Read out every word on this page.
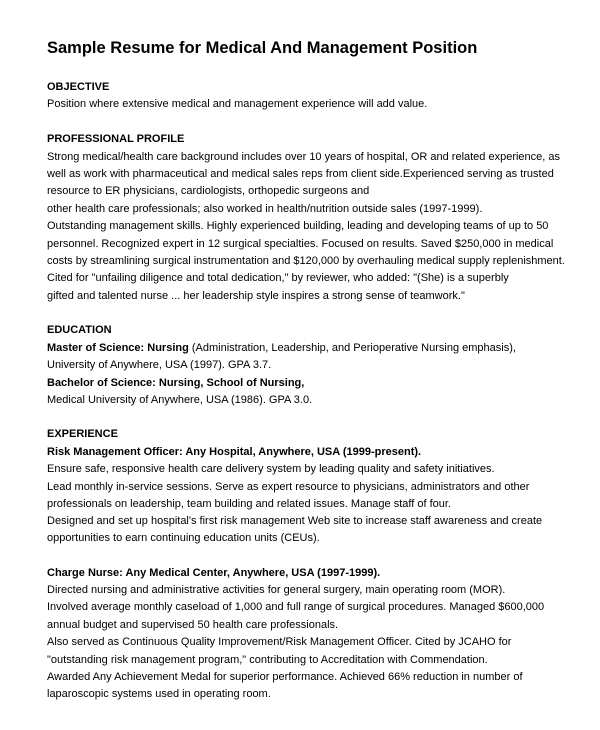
Sample Resume for Medical And Management Position
OBJECTIVE
Position where extensive medical and management experience will add value.
PROFESSIONAL PROFILE
Strong medical/health care background includes over 10 years of hospital, OR and related experience, as
well as work with pharmaceutical and medical sales reps from client side.Experienced serving as trusted
resource to ER physicians, cardiologists, orthopedic surgeons and
other health care professionals; also worked in health/nutrition outside sales (1997-1999).
Outstanding management skills. Highly experienced building, leading and developing teams of up to 50
personnel. Recognized expert in 12 surgical specialties. Focused on results. Saved $250,000 in medical
costs by streamlining surgical instrumentation and $120,000 by overhauling medical supply replenishment.
Cited for "unfailing diligence and total dedication," by reviewer, who added: "(She) is a superbly
gifted and talented nurse ... her leadership style inspires a strong sense of teamwork."
EDUCATION
Master of Science: Nursing (Administration, Leadership, and Perioperative Nursing emphasis),
University of Anywhere, USA (1997). GPA 3.7.
Bachelor of Science: Nursing, School of Nursing,
Medical University of Anywhere, USA (1986). GPA 3.0.
EXPERIENCE
Risk Management Officer: Any Hospital, Anywhere, USA (1999-present).
Ensure safe, responsive health care delivery system by leading quality and safety initiatives.
Lead monthly in-service sessions. Serve as expert resource to physicians, administrators and other
professionals on leadership, team building and related issues. Manage staff of four.
Designed and set up hospital's first risk management Web site to increase staff awareness and create
opportunities to earn continuing education units (CEUs).
Charge Nurse: Any Medical Center, Anywhere, USA (1997-1999).
Directed nursing and administrative activities for general surgery, main operating room (MOR).
Involved average monthly caseload of 1,000 and full range of surgical procedures. Managed $600,000
annual budget and supervised 50 health care professionals.
Also served as Continuous Quality Improvement/Risk Management Officer. Cited by JCAHO for
"outstanding risk management program," contributing to Accreditation with Commendation.
Awarded Any Achievement Medal for superior performance. Achieved 66% reduction in number of
laparoscopic systems used in operating room.
